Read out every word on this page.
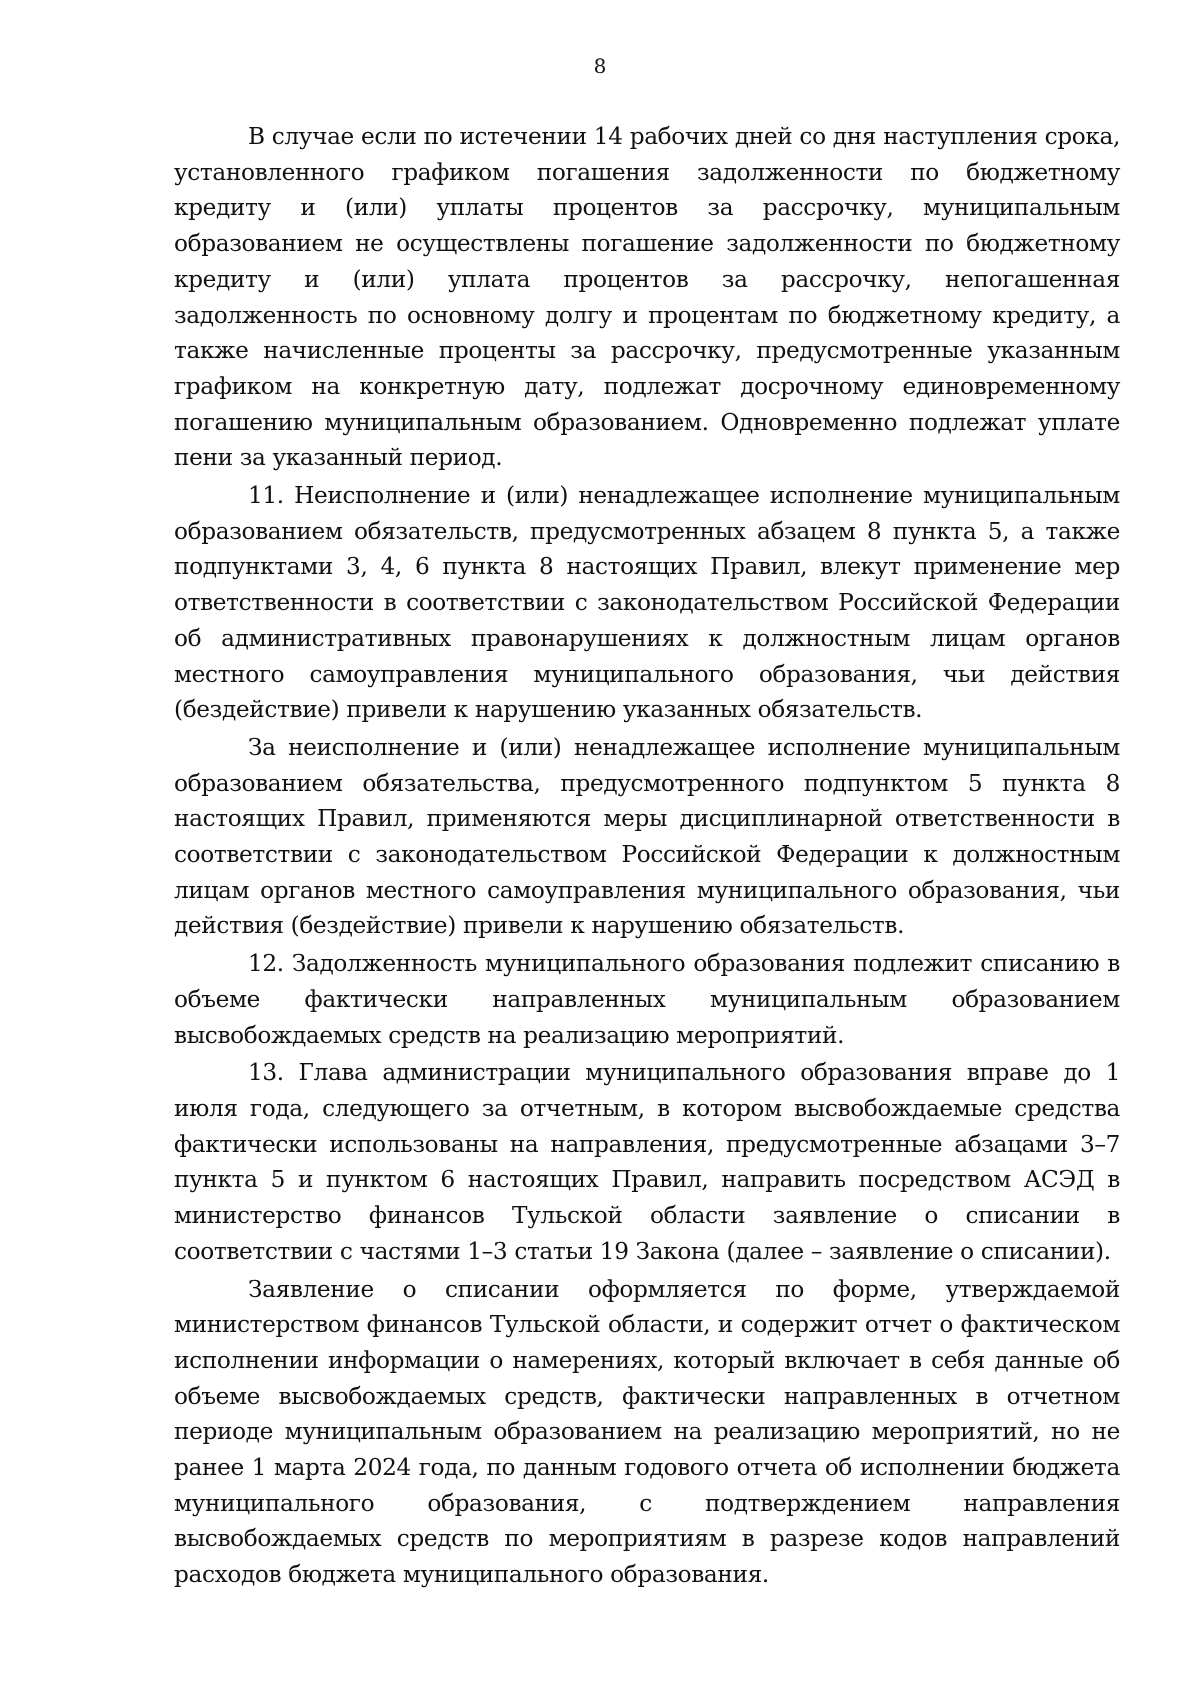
8

В случае если по истечении 14 рабочих дней со дня наступления срока, установленного графиком погашения задолженности по бюджетному кредиту и (или) уплаты процентов за рассрочку, муниципальным образованием не осуществлены погашение задолженности по бюджетному кредиту и (или) уплата процентов за рассрочку, непогашенная задолженность по основному долгу и процентам по бюджетному кредиту, а также начисленные проценты за рассрочку, предусмотренные указанным графиком на конкретную дату, подлежат досрочному единовременному погашению муниципальным образованием. Одновременно подлежат уплате пени за указанный период.

11. Неисполнение и (или) ненадлежащее исполнение муниципальным образованием обязательств, предусмотренных абзацем 8 пункта 5, а также подпунктами 3, 4, 6 пункта 8 настоящих Правил, влекут применение мер ответственности в соответствии с законодательством Российской Федерации об административных правонарушениях к должностным лицам органов местного самоуправления муниципального образования, чьи действия (бездействие) привели к нарушению указанных обязательств.

За неисполнение и (или) ненадлежащее исполнение муниципальным образованием обязательства, предусмотренного подпунктом 5 пункта 8 настоящих Правил, применяются меры дисциплинарной ответственности в соответствии с законодательством Российской Федерации к должностным лицам органов местного самоуправления муниципального образования, чьи действия (бездействие) привели к нарушению обязательств.

12. Задолженность муниципального образования подлежит списанию в объеме фактически направленных муниципальным образованием высвобождаемых средств на реализацию мероприятий.

13. Глава администрации муниципального образования вправе до 1 июля года, следующего за отчетным, в котором высвобождаемые средства фактически использованы на направления, предусмотренные абзацами 3–7 пункта 5 и пунктом 6 настоящих Правил, направить посредством АСЭД в министерство финансов Тульской области заявление о списании в соответствии с частями 1–3 статьи 19 Закона (далее – заявление о списании).

Заявление о списании оформляется по форме, утверждаемой министерством финансов Тульской области, и содержит отчет о фактическом исполнении информации о намерениях, который включает в себя данные об объеме высвобождаемых средств, фактически направленных в отчетном периоде муниципальным образованием на реализацию мероприятий, но не ранее 1 марта 2024 года, по данным годового отчета об исполнении бюджета муниципального образования, с подтверждением направления высвобождаемых средств по мероприятиям в разрезе кодов направлений расходов бюджета муниципального образования.
